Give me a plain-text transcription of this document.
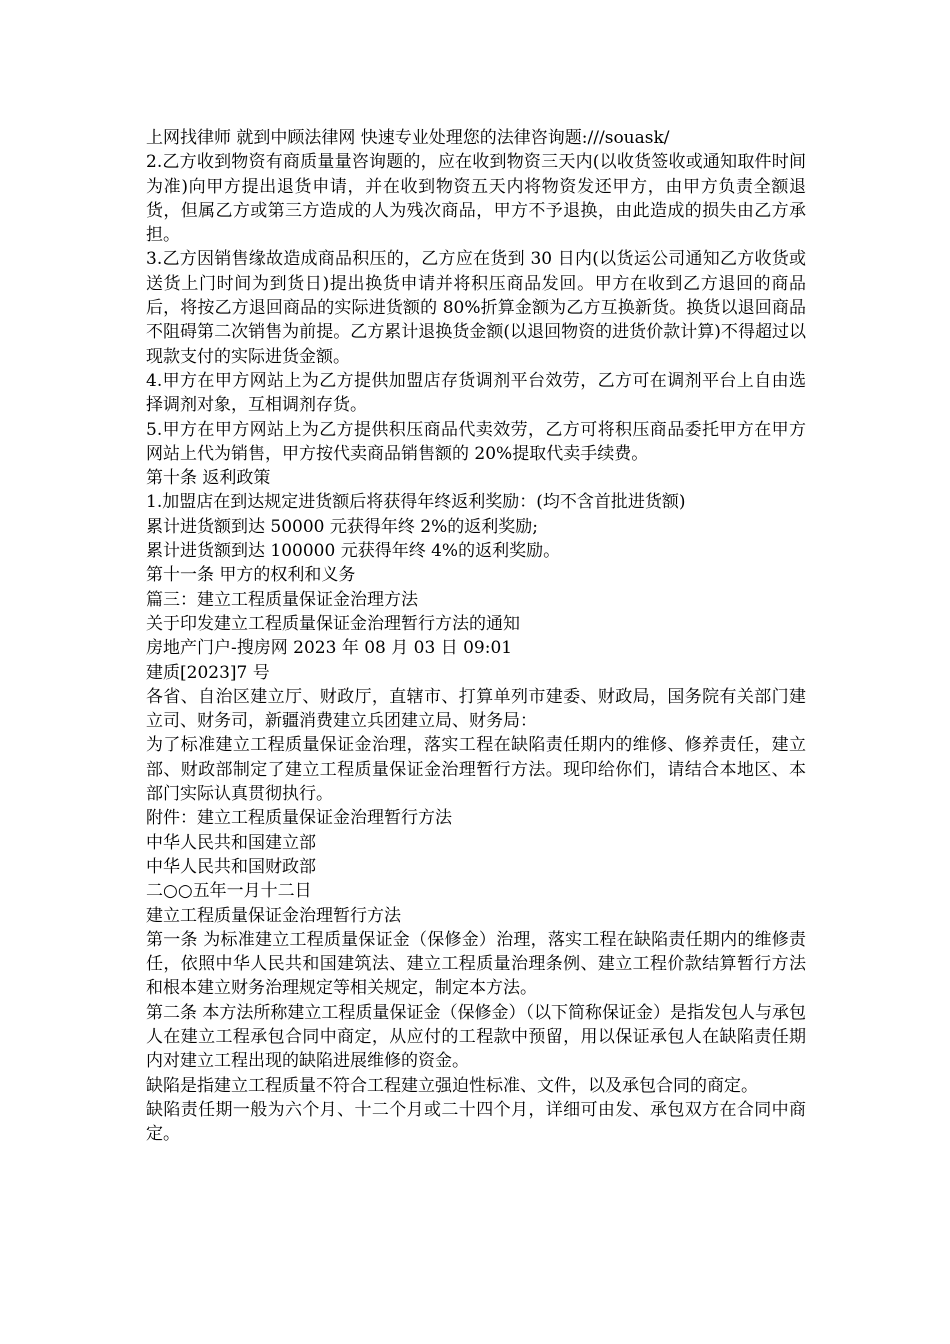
上网找律师 就到中顾法律网 快速专业处理您的法律咨询题:///souask/

2.乙方收到物资有商质量量咨询题的，应在收到物资三天内(以收货签收或通知取件时间为准)向甲方提出退货申请，并在收到物资五天内将物资发还甲方，由甲方负责全额退货，但属乙方或第三方造成的人为残次商品，甲方不予退换，由此造成的损失由乙方承担。

3.乙方因销售缘故造成商品积压的，乙方应在货到 30 日内(以货运公司通知乙方收货或送货上门时间为到货日)提出换货申请并将积压商品发回。甲方在收到乙方退回的商品后，将按乙方退回商品的实际进货额的 80%折算金额为乙方互换新货。换货以退回商品不阻碍第二次销售为前提。乙方累计退换货金额(以退回物资的进货价款计算)不得超过以现款支付的实际进货金额。

4.甲方在甲方网站上为乙方提供加盟店存货调剂平台效劳，乙方可在调剂平台上自由选择调剂对象，互相调剂存货。

5.甲方在甲方网站上为乙方提供积压商品代卖效劳，乙方可将积压商品委托甲方在甲方网站上代为销售，甲方按代卖商品销售额的 20%提取代卖手续费。

第十条 返利政策

1.加盟店在到达规定进货额后将获得年终返利奖励：(均不含首批进货额)

累计进货额到达 50000 元获得年终 2%的返利奖励;

累计进货额到达 100000 元获得年终 4%的返利奖励。

第十一条 甲方的权利和义务

篇三：建立工程质量保证金治理方法

关于印发建立工程质量保证金治理暂行方法的通知

房地产门户-搜房网 2023 年 08 月 03 日 09:01

建质[2023]7 号

各省、自治区建立厅、财政厅，直辖市、打算单列市建委、财政局，国务院有关部门建立司、财务司，新疆消费建立兵团建立局、财务局：

为了标准建立工程质量保证金治理，落实工程在缺陷责任期内的维修、修养责任，建立部、财政部制定了建立工程质量保证金治理暂行方法。现印给你们，请结合本地区、本部门实际认真贯彻执行。

附件：建立工程质量保证金治理暂行方法

中华人民共和国建立部

中华人民共和国财政部

二○○五年一月十二日

建立工程质量保证金治理暂行方法

第一条 为标准建立工程质量保证金（保修金）治理，落实工程在缺陷责任期内的维修责任，依照中华人民共和国建筑法、建立工程质量治理条例、建立工程价款结算暂行方法和根本建立财务治理规定等相关规定，制定本方法。

第二条 本方法所称建立工程质量保证金（保修金）（以下简称保证金）是指发包人与承包人在建立工程承包合同中商定，从应付的工程款中预留，用以保证承包人在缺陷责任期内对建立工程出现的缺陷进展维修的资金。

缺陷是指建立工程质量不符合工程建立强迫性标准、文件，以及承包合同的商定。

缺陷责任期一般为六个月、十二个月或二十四个月，详细可由发、承包双方在合同中商定。
